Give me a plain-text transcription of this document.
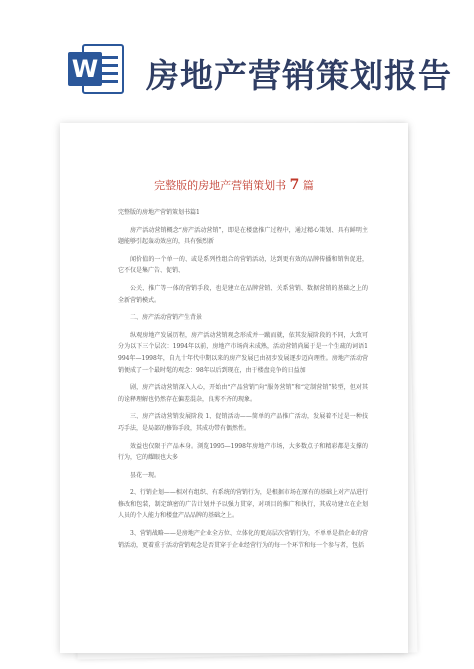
W 房地产营销策划报告
完整版的房地产营销策划书 7 篇

完整版的房地产营销策划书篇1

房产活动营销概念“房产活动营销”，即是在楼盘推广过程中，通过精心策划、具有鲜明主题能够引起轰动效应的，具有强烈新

闻价值的一个单一的、或是系列性组合的营销活动，达到更有效的品牌传播和销售促进，它不仅是集广告、促销、

公关、推广等一体的营销手段，也是建立在品牌营销、关系营销、数据营销的基础之上的全新营销模式。

二、房产活动营销产生背景

纵观房地产发展历程，房产活动营销观念形成并一蹴而就，依其发展阶段的不同，大致可分为以下三个层次：1994年以前，房地产市场尚未成熟，活动营销尚属于是一个生疏的词语1994年—1998年，自九十年代中期以来的房产发展已由初步发展逐步迈向理性。房地产活动营销便成了一个最时髦的观念：98年以后到现在，由于楼盘竞争的日益加

剧，房产活动营销深入人心，开始由“产品营销”向“服务营销”和“定制营销”转型，但对其的诠释理解也仍然存在偏差混杂，良莠不齐的现象。

三、房产活动营销发展阶段 1、促销活动——简单的产品推广活动，发展着不过是一种技巧手法，是局部的修饰手段，其成功带有偶然性。

效益也仅限于产品本身。浏览1995—1998年房地产市场，大多数点子和精彩都是支撑的行为，它的耀眼也大多

昙花一现。

2、行销企划——相对有组织、有系统的营销行为，是根据市场在原有的基础上对产品进行修改和包装，制定缜密的广告计划并予以强力贯穿，对项目的推广和执行，其成功建立在企划人员的个人能力和楼盘产品品牌的基础之上。

3、营销战略——是房地产企业全方位、立体化的更高层次营销行为，不单单是指企业的营销活动，更着重于活动营销观念是否贯穿于企业经营行为的每一个环节和每一个参与者，包括
